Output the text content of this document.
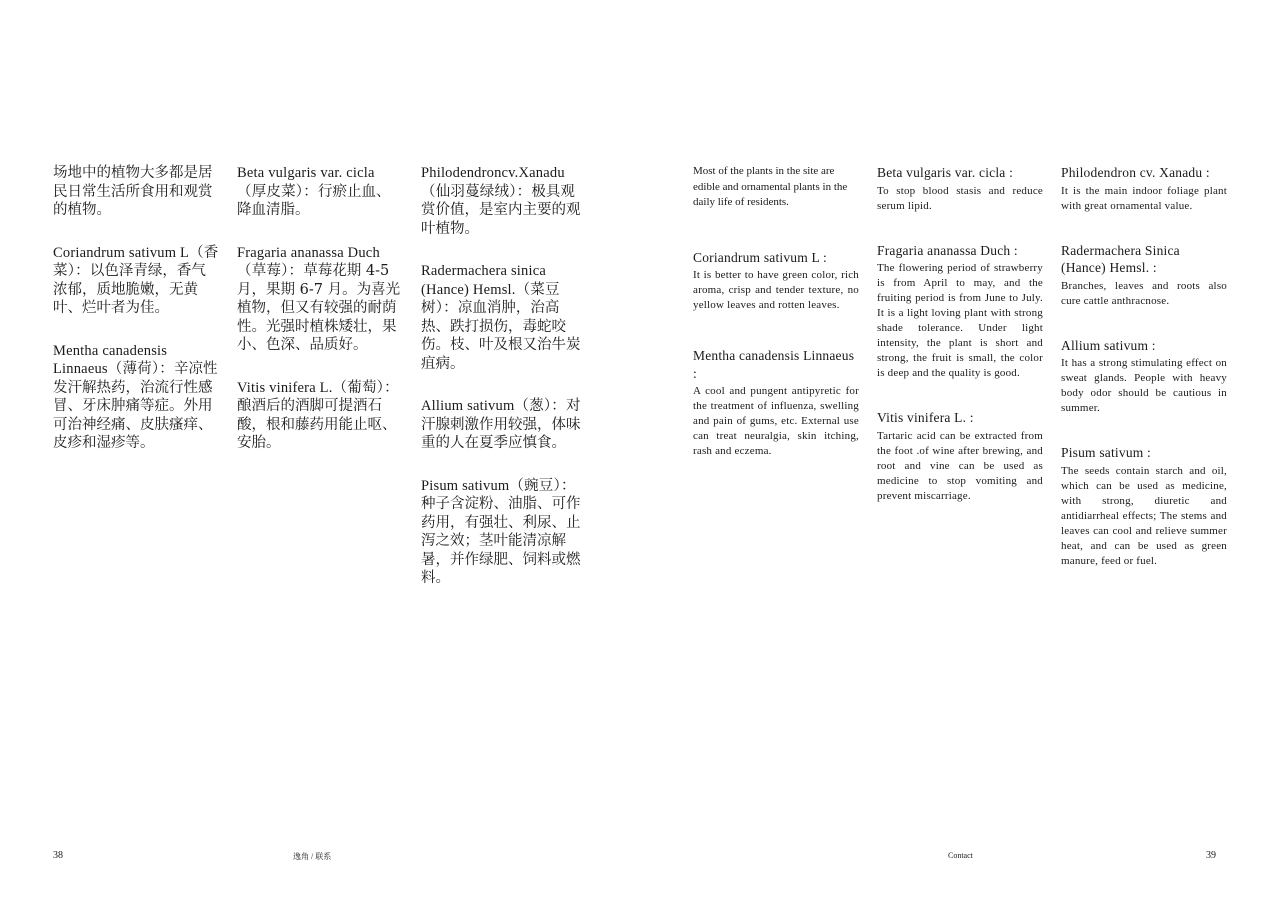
场地中的植物大多都是居民日常生活所食用和观赏的植物。
Coriandrum sativum L（香菜）：以色泽青绿，香气浓郁，质地脆嫩，无黄叶、烂叶者为佳。
Mentha canadensis Linnaeus（薄荷）：辛凉性发汗解热药，治流行性感冒、牙床肿痛等症。外用可治神经痛、皮肤瘙痒、皮疹和湿疹等。
Beta vulgaris var. cicla（厚皮菜）：行瘀止血、降血清脂。
Fragaria ananassa Duch（草莓）：草莓花期 4-5 月，果期 6-7 月。为喜光植物，但又有较强的耐荫性。光强时植株矮壮，果小、色深、品质好。
Vitis vinifera L.（葡萄）：酿酒后的酒脚可提酒石酸，根和藤药用能止呕、安胎。
Philodendroncv.Xanadu（仙羽蔓绿绒）：极具观赏价值，是室内主要的观叶植物。
Radermachera sinica (Hance) Hemsl.（菜豆树）：凉血消肿，治高热、跌打损伤，毒蛇咬伤。枝、叶及根又治牛炭疽病。
Allium sativum（葱）：对汗腺刺激作用较强，体味重的人在夏季应慎食。
Pisum sativum（豌豆）：种子含淀粉、油脂、可作药用，有强壮、利尿、止泻之效；茎叶能清凉解暑，并作绿肥、饲料或燃料。
38	逸角 / 联系
Most of the plants in the site are edible and ornamental plants in the daily life of residents.
Coriandrum sativum L :
It is better to have green color, rich aroma, crisp and tender texture, no yellow leaves and rotten leaves.
Mentha canadensis Linnaeus :
A cool and pungent antipyretic for the treatment of influenza, swelling and pain of gums, etc. External use can treat neuralgia, skin itching, rash and eczema.
Beta vulgaris var. cicla :
To stop blood stasis and reduce serum lipid.
Fragaria ananassa Duch :
The flowering period of strawberry is from April to may, and the fruiting period is from June to July. It is a light loving plant with strong shade tolerance. Under light intensity, the plant is short and strong, the fruit is small, the color is deep and the quality is good.
Vitis vinifera L. :
Tartaric acid can be extracted from the foot .of wine after brewing, and root and vine can be used as medicine to stop vomiting and prevent miscarriage.
Philodendron cv. Xanadu :
It is the main indoor foliage plant with great ornamental value.
Radermachera Sinica (Hance) Hemsl. :
Branches, leaves and roots also cure cattle anthracnose.
Allium sativum :
It has a strong stimulating effect on sweat glands. People with heavy body odor should be cautious in summer.
Pisum sativum :
The seeds contain starch and oil, which can be used as medicine, with strong, diuretic and antidiarrheal effects; The stems and leaves can cool and relieve summer heat, and can be used as green manure, feed or fuel.
Contact	39
